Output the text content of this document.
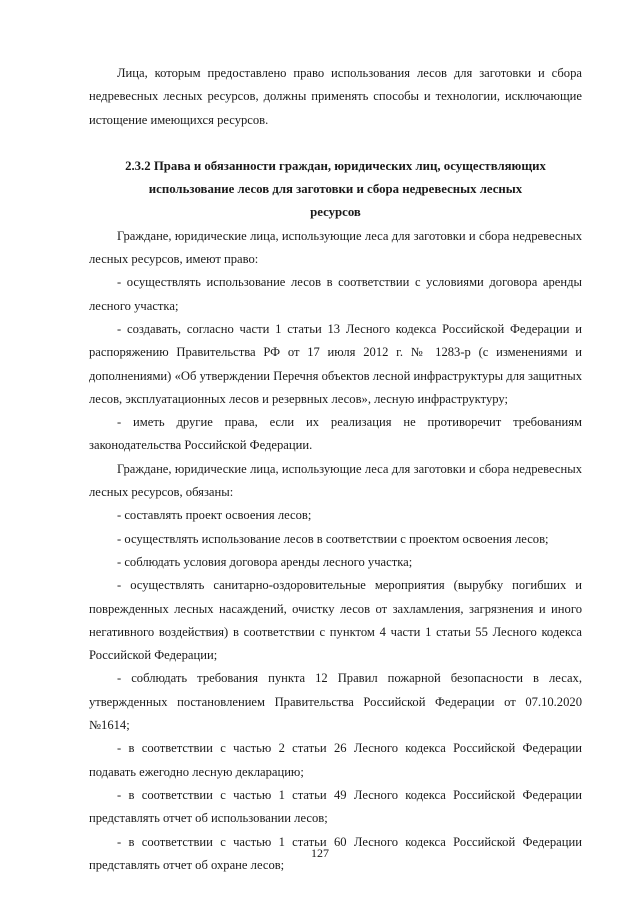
Лица, которым предоставлено право использования лесов для заготовки и сбора недревесных лесных ресурсов, должны применять способы и технологии, исключающие истощение имеющихся ресурсов.

2.3.2 Права и обязанности граждан, юридических лиц, осуществляющих

использование лесов для заготовки и сбора недревесных лесных

ресурсов

Граждане, юридические лица, использующие леса для заготовки и сбора недревесных лесных ресурсов, имеют право:

- осуществлять использование лесов в соответствии с условиями договора аренды лесного участка;

- создавать, согласно части 1 статьи 13 Лесного кодекса Российской Федерации и распоряжению Правительства РФ от 17 июля 2012 г. № 1283-р (с изменениями и дополнениями) «Об утверждении Перечня объектов лесной инфраструктуры для защитных лесов, эксплуатационных лесов и резервных лесов», лесную инфраструктуру;

- иметь другие права, если их реализация не противоречит требованиям законодательства Российской Федерации.

Граждане, юридические лица, использующие леса для заготовки и сбора недревесных лесных ресурсов, обязаны:

- составлять проект освоения лесов;

- осуществлять использование лесов в соответствии с проектом освоения лесов;

- соблюдать условия договора аренды лесного участка;

- осуществлять санитарно-оздоровительные мероприятия (вырубку погибших и поврежденных лесных насаждений, очистку лесов от захламления, загрязнения и иного негативного воздействия) в соответствии с пунктом 4 части 1 статьи 55 Лесного кодекса Российской Федерации;

- соблюдать требования пункта 12 Правил пожарной безопасности в лесах, утвержденных постановлением Правительства Российской Федерации от 07.10.2020 №1614;

- в соответствии с частью 2 статьи 26 Лесного кодекса Российской Федерации подавать ежегодно лесную декларацию;

- в соответствии с частью 1 статьи 49 Лесного кодекса Российской Федерации представлять отчет об использовании лесов;

- в соответствии с частью 1 статьи 60 Лесного кодекса Российской Федерации представлять отчет об охране лесов;

127
